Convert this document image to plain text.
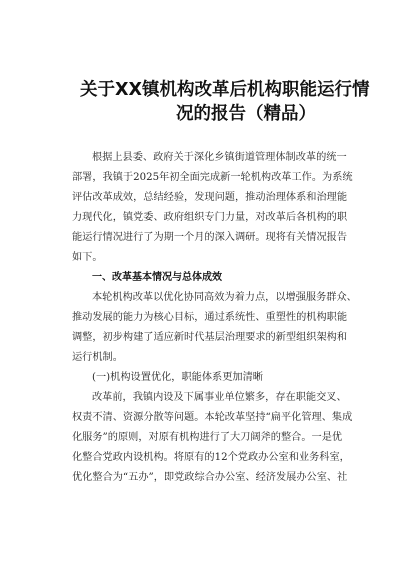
关于XX镇机构改革后机构职能运行情
况的报告（精品）
根据上县委、政府关于深化乡镇街道管理体制改革的统一
部署，我镇于2025年初全面完成新一轮机构改革工作。为系统
评估改革成效，总结经验，发现问题，推动治理体系和治理能
力现代化，镇党委、政府组织专门力量，对改革后各机构的职
能运行情况进行了为期一个月的深入调研。现将有关情况报告
如下。
一、改革基本情况与总体成效
本轮机构改革以优化协同高效为着力点，以增强服务群众、
推动发展的能力为核心目标，通过系统性、重塑性的机构职能
调整，初步构建了适应新时代基层治理要求的新型组织架构和
运行机制。
(一)机构设置优化，职能体系更加清晰
改革前，我镇内设及下属事业单位繁多，存在职能交叉、
权责不清、资源分散等问题。本轮改革坚持“扁平化管理、集成
化服务”的原则，对原有机构进行了大刀阔斧的整合。一是优
化整合党政内设机构。将原有的12个党政办公室和业务科室，
优化整合为“五办”，即党政综合办公室、经济发展办公室、社
